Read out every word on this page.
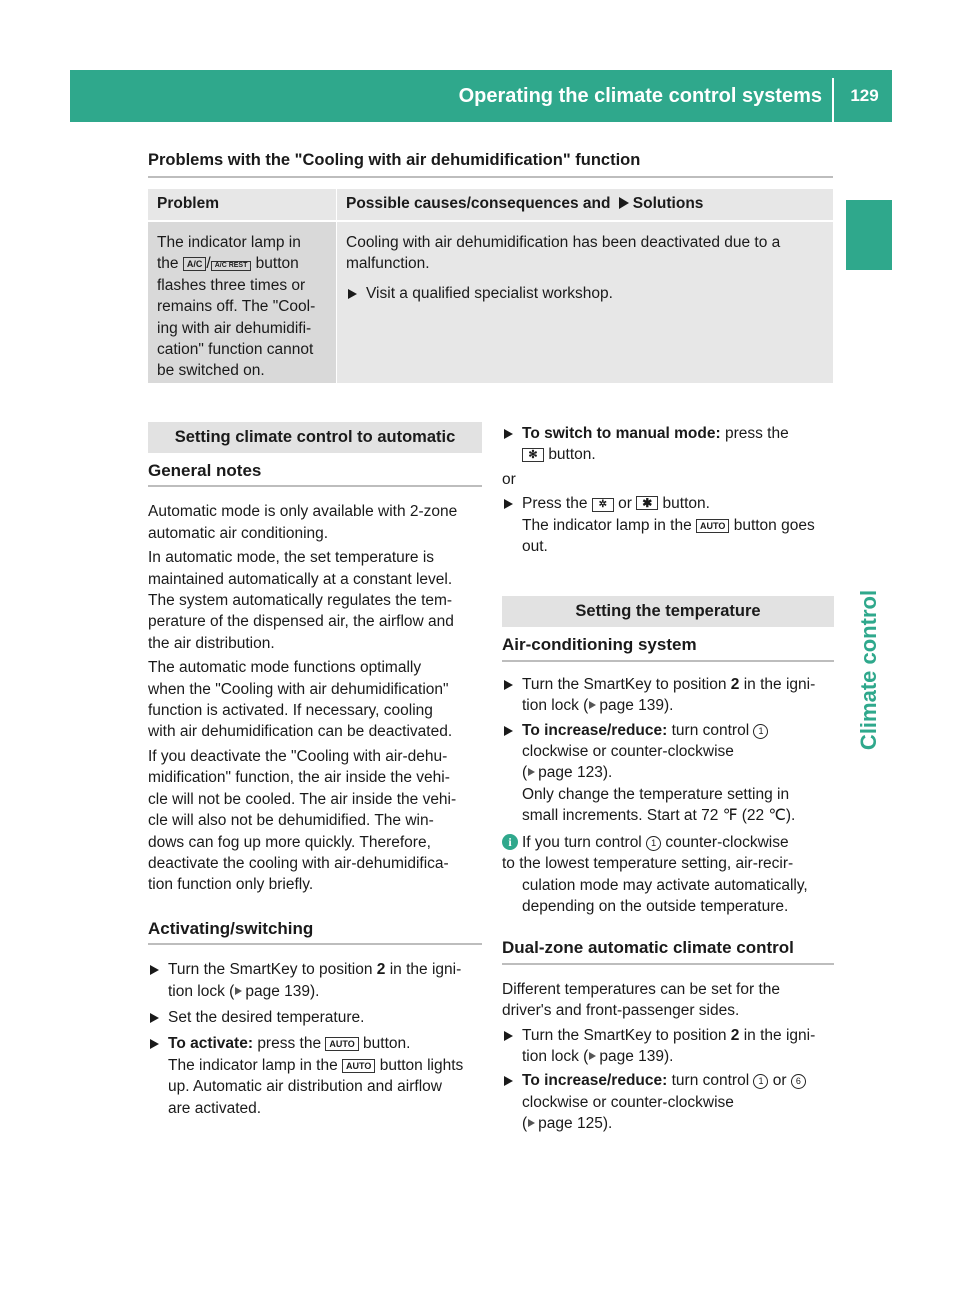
Operating the climate control systems	129
Climate control
Problems with the "Cooling with air dehumidification" function
Problem	Possible causes/consequences and Solutions

The indicator lamp in

the A/C / A/C REST button

flashes three times or

remains off. The "Cool-

ing with air dehumidifi-

cation" function cannot

be switched on.

Cooling with air dehumidification has been deactivated due to a

malfunction.

Visit a qualified specialist workshop.

Setting climate control to automatic

General notes

Automatic mode is only available with 2-zone

automatic air conditioning.

In automatic mode, the set temperature is

maintained automatically at a constant level.

The system automatically regulates the tem-

perature of the dispensed air, the airflow and

the air distribution.

The automatic mode functions optimally

when the "Cooling with air dehumidification"

function is activated. If necessary, cooling

with air dehumidification can be deactivated.

If you deactivate the "Cooling with air-dehu-

midification" function, the air inside the vehi-

cle will not be cooled. The air inside the vehi-

cle will also not be dehumidified. The win-

dows can fog up more quickly. Therefore,

deactivate the cooling with air-dehumidifica-

tion function only briefly.

Activating/switching

Turn the SmartKey to position 2 in the igni-

tion lock ( page 139).

Set the desired temperature.

To activate: press the AUTO button.

The indicator lamp in the AUTO button lights

up. Automatic air distribution and airflow

are activated.

To switch to manual mode: press the

✻ button.

or

Press the ✲ or ✱ button.

The indicator lamp in the AUTO button goes

out.

Setting the temperature

Air-conditioning system

Turn the SmartKey to position 2 in the igni-

tion lock ( page 139).

To increase/reduce: turn control 1

clockwise or counter-clockwise

( page 123).

Only change the temperature setting in

small increments. Start at 72 ℉ (22 ℃).

i If you turn control 1 counter-clockwise

to the lowest temperature setting, air-recir-

culation mode may activate automatically,

depending on the outside temperature.

Dual-zone automatic climate control

Different temperatures can be set for the

driver's and front-passenger sides.

Turn the SmartKey to position 2 in the igni-

tion lock ( page 139).

To increase/reduce: turn control 1 or 6

clockwise or counter-clockwise

( page 125).
